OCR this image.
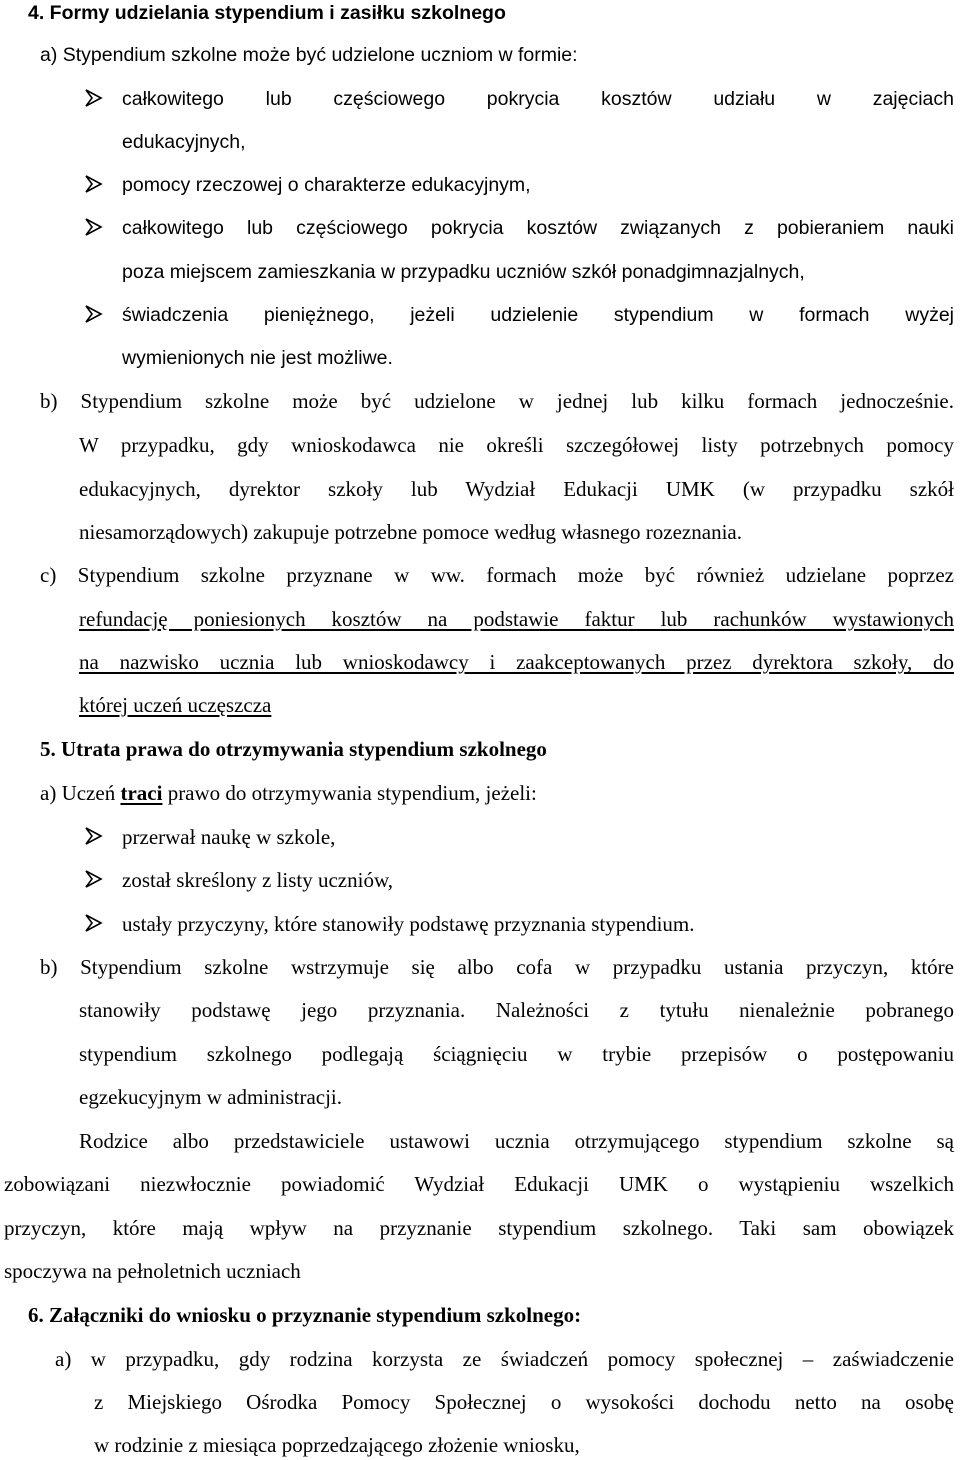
4. Formy udzielania stypendium i zasiłku szkolnego
a) Stypendium szkolne może być udzielone uczniom w formie:
całkowitego lub częściowego pokrycia kosztów udziału w zajęciach
edukacyjnych,
pomocy rzeczowej o charakterze edukacyjnym,
całkowitego lub częściowego pokrycia kosztów związanych z pobieraniem nauki
poza miejscem zamieszkania w przypadku uczniów szkół ponadgimnazjalnych,
świadczenia pieniężnego, jeżeli udzielenie stypendium w formach wyżej
wymienionych nie jest możliwe.
b) Stypendium szkolne może być udzielone w jednej lub kilku formach jednocześnie.
W przypadku, gdy wnioskodawca nie określi szczegółowej listy potrzebnych pomocy
edukacyjnych, dyrektor szkoły lub Wydział Edukacji UMK (w przypadku szkół
niesamorządowych) zakupuje potrzebne pomoce według własnego rozeznania.
c) Stypendium szkolne przyznane w ww. formach może być również udzielane poprzez
refundację poniesionych kosztów na podstawie faktur lub rachunków wystawionych
na nazwisko ucznia lub wnioskodawcy i zaakceptowanych przez dyrektora szkoły, do
której uczeń uczęszcza
5. Utrata prawa do otrzymywania stypendium szkolnego
a) Uczeń traci prawo do otrzymywania stypendium, jeżeli:
przerwał naukę w szkole,
został skreślony z listy uczniów,
ustały przyczyny, które stanowiły podstawę przyznania stypendium.
b) Stypendium szkolne wstrzymuje się albo cofa w przypadku ustania przyczyn, które
stanowiły podstawę jego przyznania. Należności z tytułu nienależnie pobranego
stypendium szkolnego podlegają ściągnięciu w trybie przepisów o postępowaniu
egzekucyjnym w administracji.
Rodzice albo przedstawiciele ustawowi ucznia otrzymującego stypendium szkolne są
zobowiązani niezwłocznie powiadomić Wydział Edukacji UMK o wystąpieniu wszelkich
przyczyn, które mają wpływ na przyznanie stypendium szkolnego. Taki sam obowiązek
spoczywa na pełnoletnich uczniach
6. Załączniki do wniosku o przyznanie stypendium szkolnego:
a) w przypadku, gdy rodzina korzysta ze świadczeń pomocy społecznej – zaświadczenie
z Miejskiego Ośrodka Pomocy Społecznej o wysokości dochodu netto na osobę
w rodzinie z miesiąca poprzedzającego złożenie wniosku,
